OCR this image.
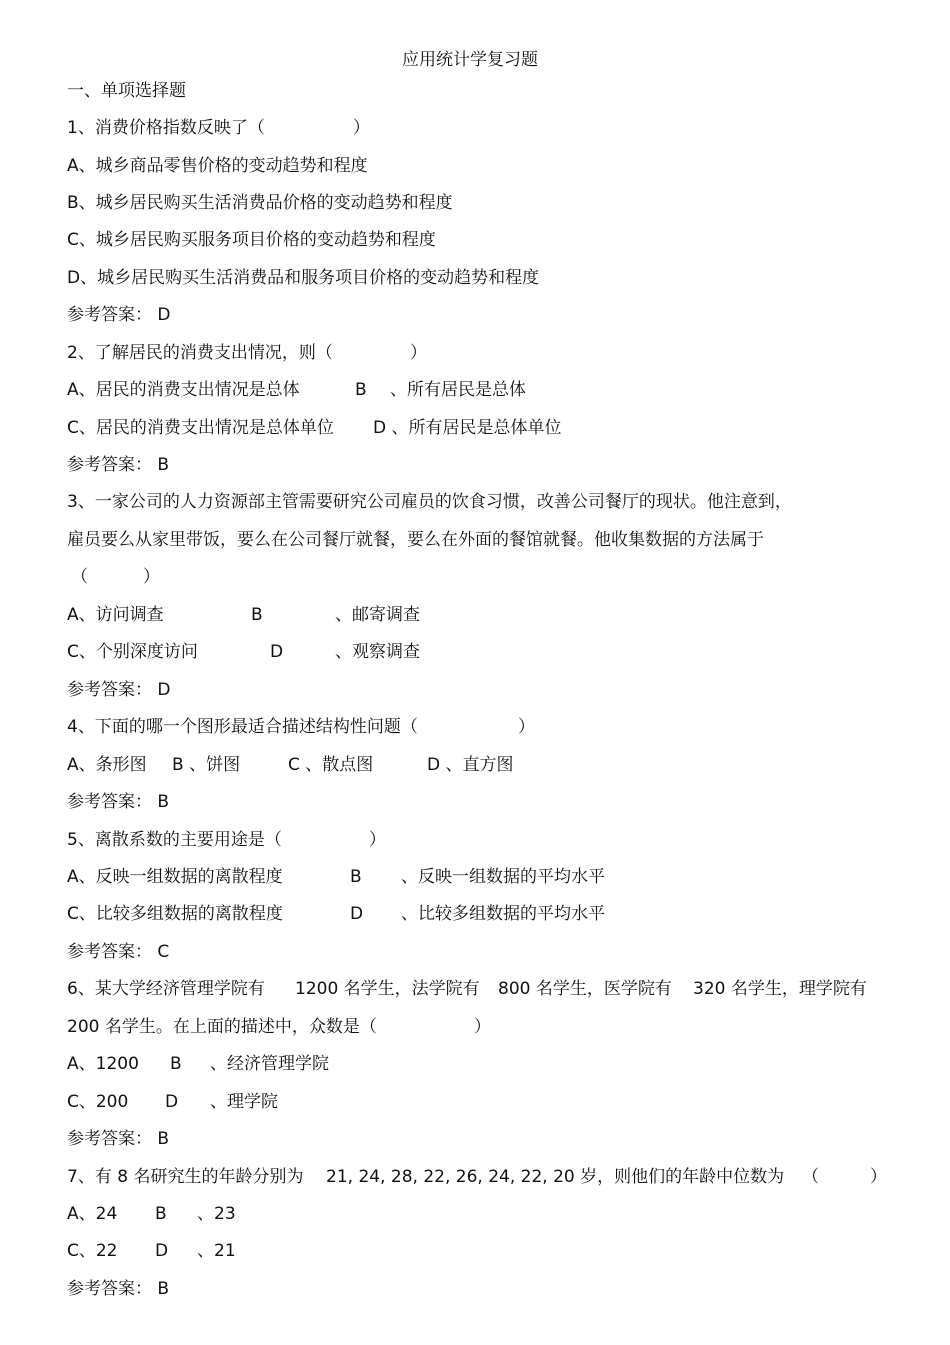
应用统计学复习题
一、单项选择题
1、消费价格指数反映了（	）
A、城乡商品零售价格的变动趋势和程度
B、城乡居民购买生活消费品价格的变动趋势和程度
C、城乡居民购买服务项目价格的变动趋势和程度
D、城乡居民购买生活消费品和服务项目价格的变动趋势和程度
参考答案： D
2、了解居民的消费支出情况，则（	）
A、居民的消费支出情况是总体	B 、所有居民是总体
C、居民的消费支出情况是总体单位 D 、所有居民是总体单位
参考答案： B
3、一家公司的人力资源部主管需要研究公司雇员的饮食习惯，改善公司餐厅的现状。他注意到，
雇员要么从家里带饭，要么在公司餐厅就餐，要么在外面的餐馆就餐。他收集数据的方法属于
（	）
A、访问调查	B	、邮寄调查
C、个别深度访问	D	、观察调查
参考答案： D
4、下面的哪一个图形最适合描述结构性问题（	）
A、条形图 B 、饼图	C 、散点图	D 、直方图
参考答案： B
5、离散系数的主要用途是（	）
A、反映一组数据的离散程度	B 、反映一组数据的平均水平
C、比较多组数据的离散程度	D 、比较多组数据的平均水平
参考答案： C
6、某大学经济管理学院有 1200 名学生，法学院有 800 名学生，医学院有 320 名学生，理学院有
200 名学生。在上面的描述中，众数是（	）
A、1200 B 、经济管理学院
C、200 D 、理学院
参考答案： B
7、有 8 名研究生的年龄分别为 21, 24, 28, 22, 26, 24, 22, 20 岁，则他们的年龄中位数为 （	）
A、24 B 、23
C、22 D 、21
参考答案： B
